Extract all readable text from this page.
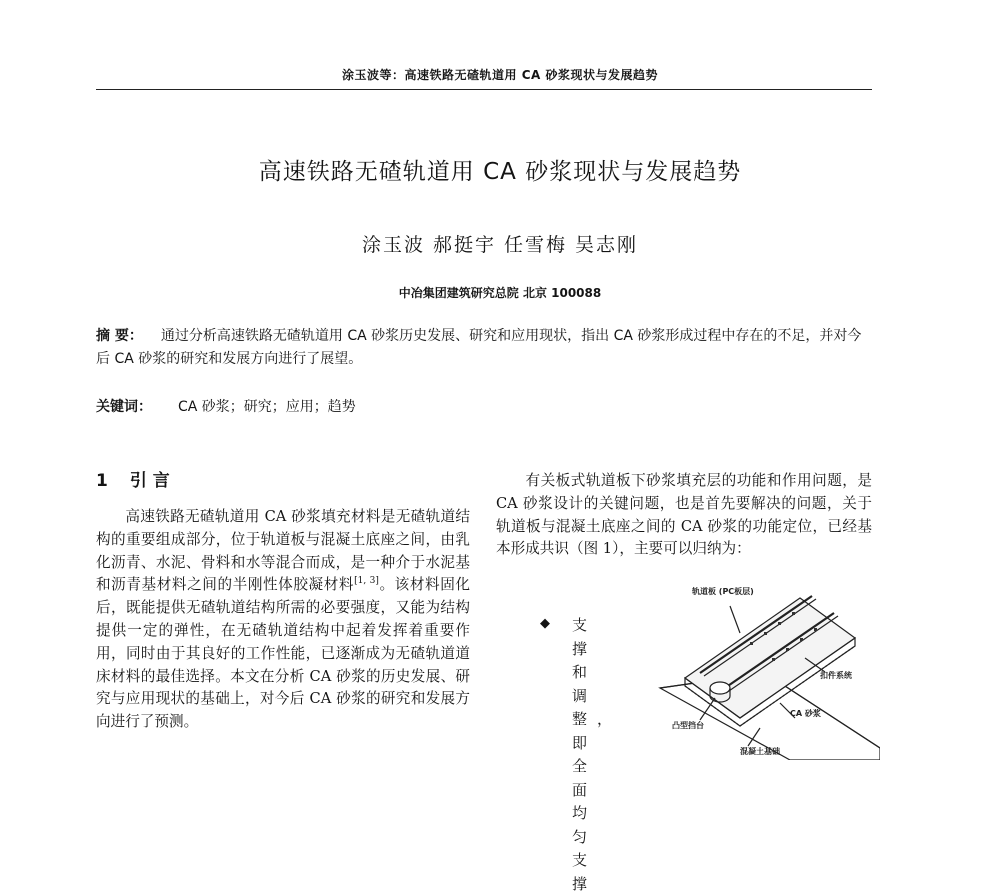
涂玉波等：高速铁路无碴轨道用 CA 砂浆现状与发展趋势
高速铁路无碴轨道用 CA 砂浆现状与发展趋势
涂玉波 郝挺宇 任雪梅 吴志刚
中冶集团建筑研究总院 北京 100088
摘 要： 通过分析高速铁路无碴轨道用 CA 砂浆历史发展、研究和应用现状，指出 CA 砂浆形成过程中存在的不足，并对今后 CA 砂浆的研究和发展方向进行了展望。
关键词： CA 砂浆；研究；应用；趋势
1 引 言

高速铁路无碴轨道用 CA 砂浆填充材料是无碴轨道结构的重要组成部分，位于轨道板与混凝土底座之间，由乳化沥青、水泥、骨料和水等混合而成，是一种介于水泥基和沥青基材料之间的半刚性体胶凝材料[1, 3]。该材料固化后，既能提供无碴轨道结构所需的必要强度，又能为结构提供一定的弹性，在无碴轨道结构中起着发挥着重要作用，同时由于其良好的工作性能，已逐渐成为无碴轨道道床材料的最佳选择。本文在分析 CA 砂浆的历史发展、研究与应用现状的基础上，对今后 CA 砂浆的研究和发展方向进行了预测。

有关板式轨道板下砂浆填充层的功能和作用问题，是 CA 砂浆设计的关键问题，也是首先要解决的问题，关于轨道板与混凝土底座之间的 CA 砂浆的功能定位，已经基本形成共识（图 1），主要可以归纳为：

◆ 支撑和调整，即全面均匀支撑

轨道板 (PC板层)
扣件系统
CA 砂浆
凸型挡台
混凝土基础
